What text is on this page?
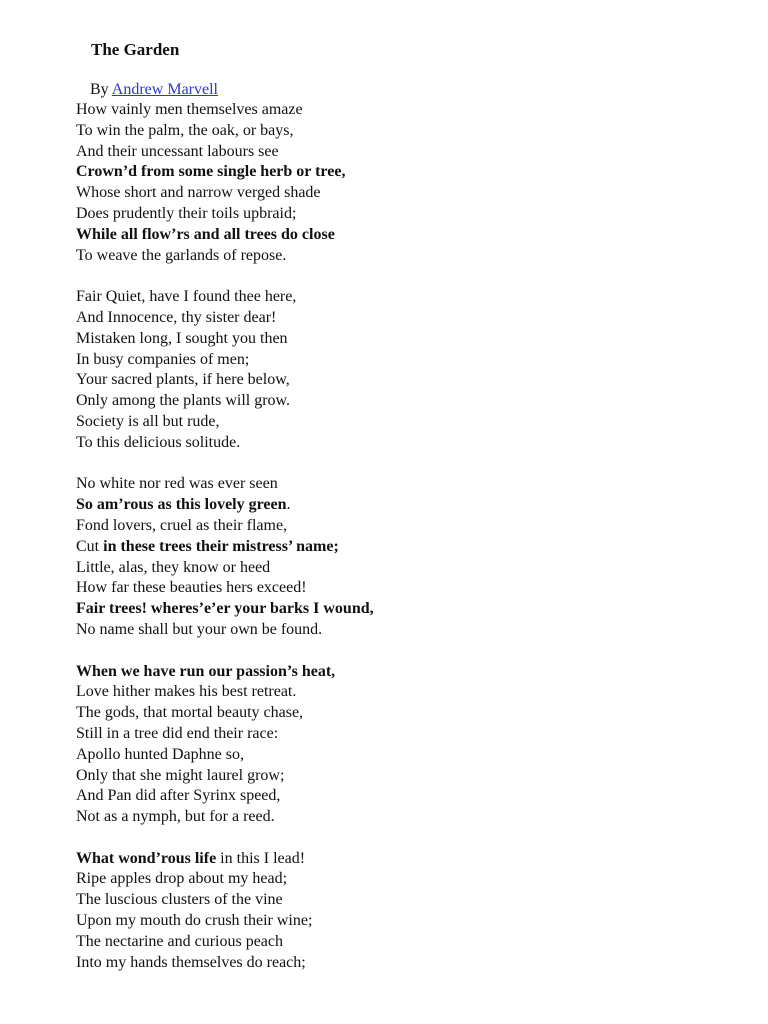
The Garden
By Andrew Marvell
How vainly men themselves amaze
To win the palm, the oak, or bays,
And their uncessant labours see
Crown’d from some single herb or tree,
Whose short and narrow verged shade
Does prudently their toils upbraid;
While all flow’rs and all trees do close
To weave the garlands of repose.
Fair Quiet, have I found thee here,
And Innocence, thy sister dear!
Mistaken long, I sought you then
In busy companies of men;
Your sacred plants, if here below,
Only among the plants will grow.
Society is all but rude,
To this delicious solitude.
No white nor red was ever seen
So am’rous as this lovely green.
Fond lovers, cruel as their flame,
Cut in these trees their mistress’ name;
Little, alas, they know or heed
How far these beauties hers exceed!
Fair trees! wheres’e’er your barks I wound,
No name shall but your own be found.
When we have run our passion’s heat,
Love hither makes his best retreat.
The gods, that mortal beauty chase,
Still in a tree did end their race:
Apollo hunted Daphne so,
Only that she might laurel grow;
And Pan did after Syrinx speed,
Not as a nymph, but for a reed.
What wond’rous life in this I lead!
Ripe apples drop about my head;
The luscious clusters of the vine
Upon my mouth do crush their wine;
The nectarine and curious peach
Into my hands themselves do reach;
